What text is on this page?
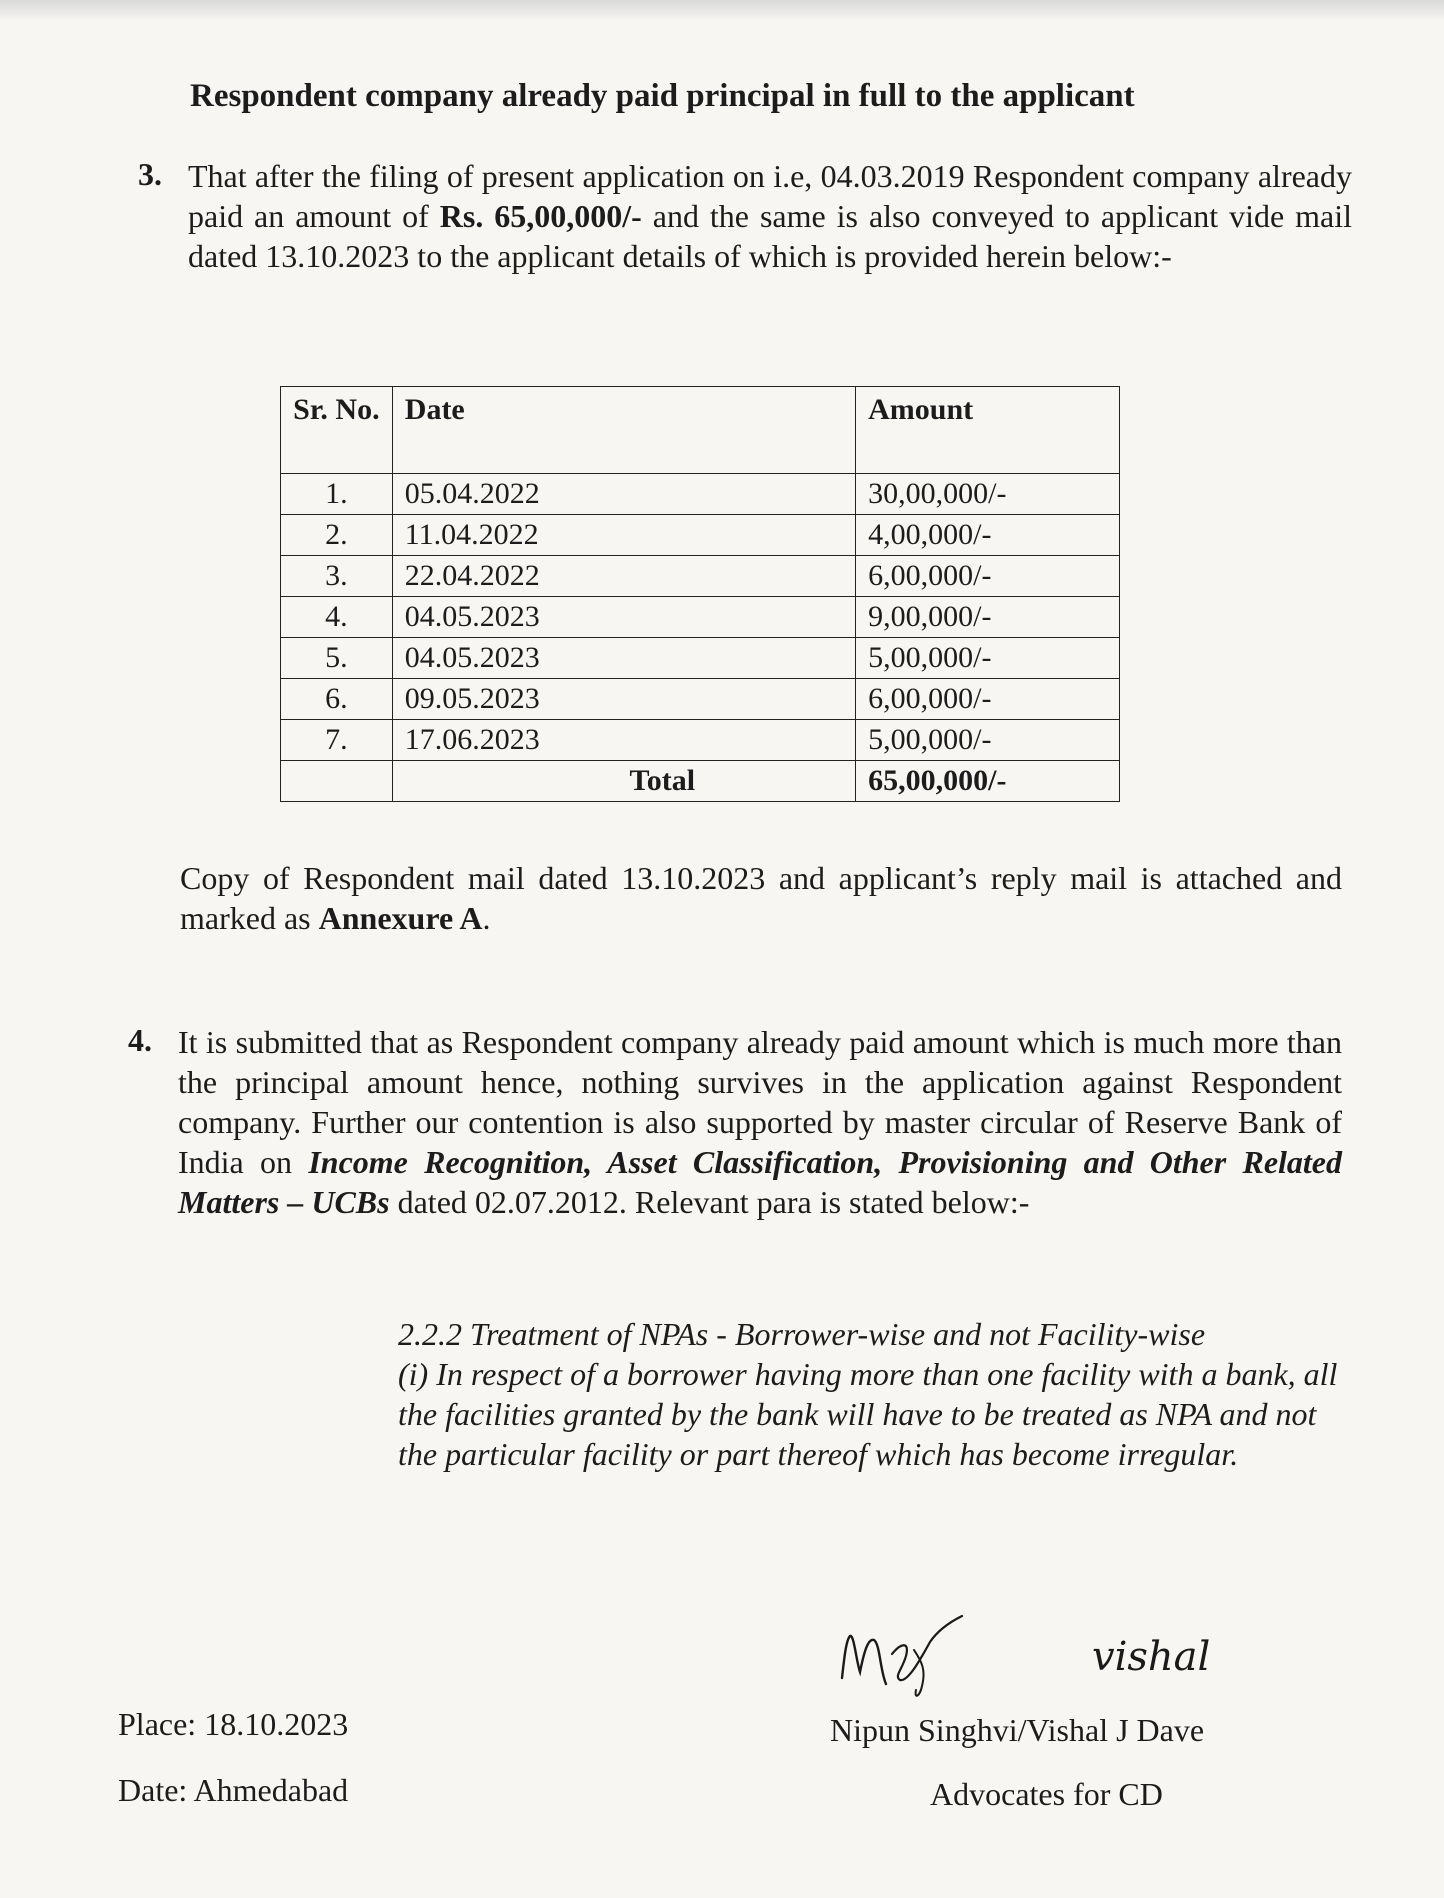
Respondent company already paid principal in full to the applicant
3. That after the filing of present application on i.e, 04.03.2019 Respondent company already paid an amount of Rs. 65,00,000/- and the same is also conveyed to applicant vide mail dated 13.10.2023 to the applicant details of which is provided herein below:-
Sr. No.	Date	Amount
1.	05.04.2022	30,00,000/-
2.	11.04.2022	4,00,000/-
3.	22.04.2022	6,00,000/-
4.	04.05.2023	9,00,000/-
5.	04.05.2023	5,00,000/-
6.	09.05.2023	6,00,000/-
7.	17.06.2023	5,00,000/-
	Total	65,00,000/-
Copy of Respondent mail dated 13.10.2023 and applicant’s reply mail is attached and marked as Annexure A.
4. It is submitted that as Respondent company already paid amount which is much more than the principal amount hence, nothing survives in the application against Respondent company. Further our contention is also supported by master circular of Reserve Bank of India on Income Recognition, Asset Classification, Provisioning and Other Related Matters – UCBs dated 02.07.2012. Relevant para is stated below:-
2.2.2 Treatment of NPAs - Borrower-wise and not Facility-wise
(i) In respect of a borrower having more than one facility with a bank, all the facilities granted by the bank will have to be treated as NPA and not the particular facility or part thereof which has become irregular.
vishal
Place: 18.10.2023
Date: Ahmedabad
Nipun Singhvi/Vishal J Dave
Advocates for CD
